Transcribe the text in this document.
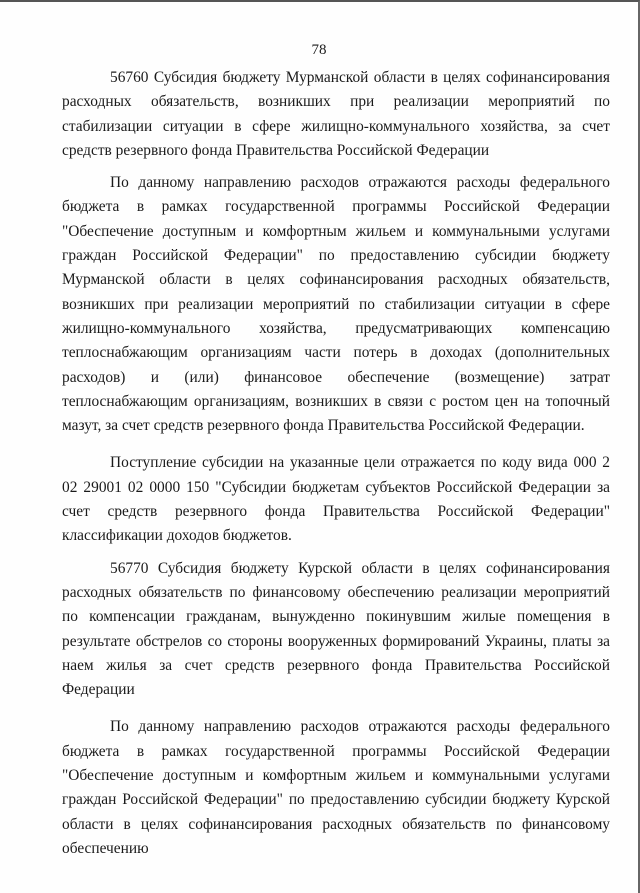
78

56760 Субсидия бюджету Мурманской области в целях софинансирования расходных обязательств, возникших при реализации мероприятий по стабилизации ситуации в сфере жилищно-коммунального хозяйства, за счет средств резервного фонда Правительства Российской Федерации

По данному направлению расходов отражаются расходы федерального бюджета в рамках государственной программы Российской Федерации "Обеспечение доступным и комфортным жильем и коммунальными услугами граждан Российской Федерации" по предоставлению субсидии бюджету Мурманской области в целях софинансирования расходных обязательств, возникших при реализации мероприятий по стабилизации ситуации в сфере жилищно-коммунального хозяйства, предусматривающих компенсацию теплоснабжающим организациям части потерь в доходах (дополнительных расходов) и (или) финансовое обеспечение (возмещение) затрат теплоснабжающим организациям, возникших в связи с ростом цен на топочный мазут, за счет средств резервного фонда Правительства Российской Федерации.

Поступление субсидии на указанные цели отражается по коду вида 000 2 02 29001 02 0000 150 "Субсидии бюджетам субъектов Российской Федерации за счет средств резервного фонда Правительства Российской Федерации" классификации доходов бюджетов.

56770 Субсидия бюджету Курской области в целях софинансирования расходных обязательств по финансовому обеспечению реализации мероприятий по компенсации гражданам, вынужденно покинувшим жилые помещения в результате обстрелов со стороны вооруженных формирований Украины, платы за наем жилья за счет средств резервного фонда Правительства Российской Федерации

По данному направлению расходов отражаются расходы федерального бюджета в рамках государственной программы Российской Федерации "Обеспечение доступным и комфортным жильем и коммунальными услугами граждан Российской Федерации" по предоставлению субсидии бюджету Курской области в целях софинансирования расходных обязательств по финансовому обеспечению
